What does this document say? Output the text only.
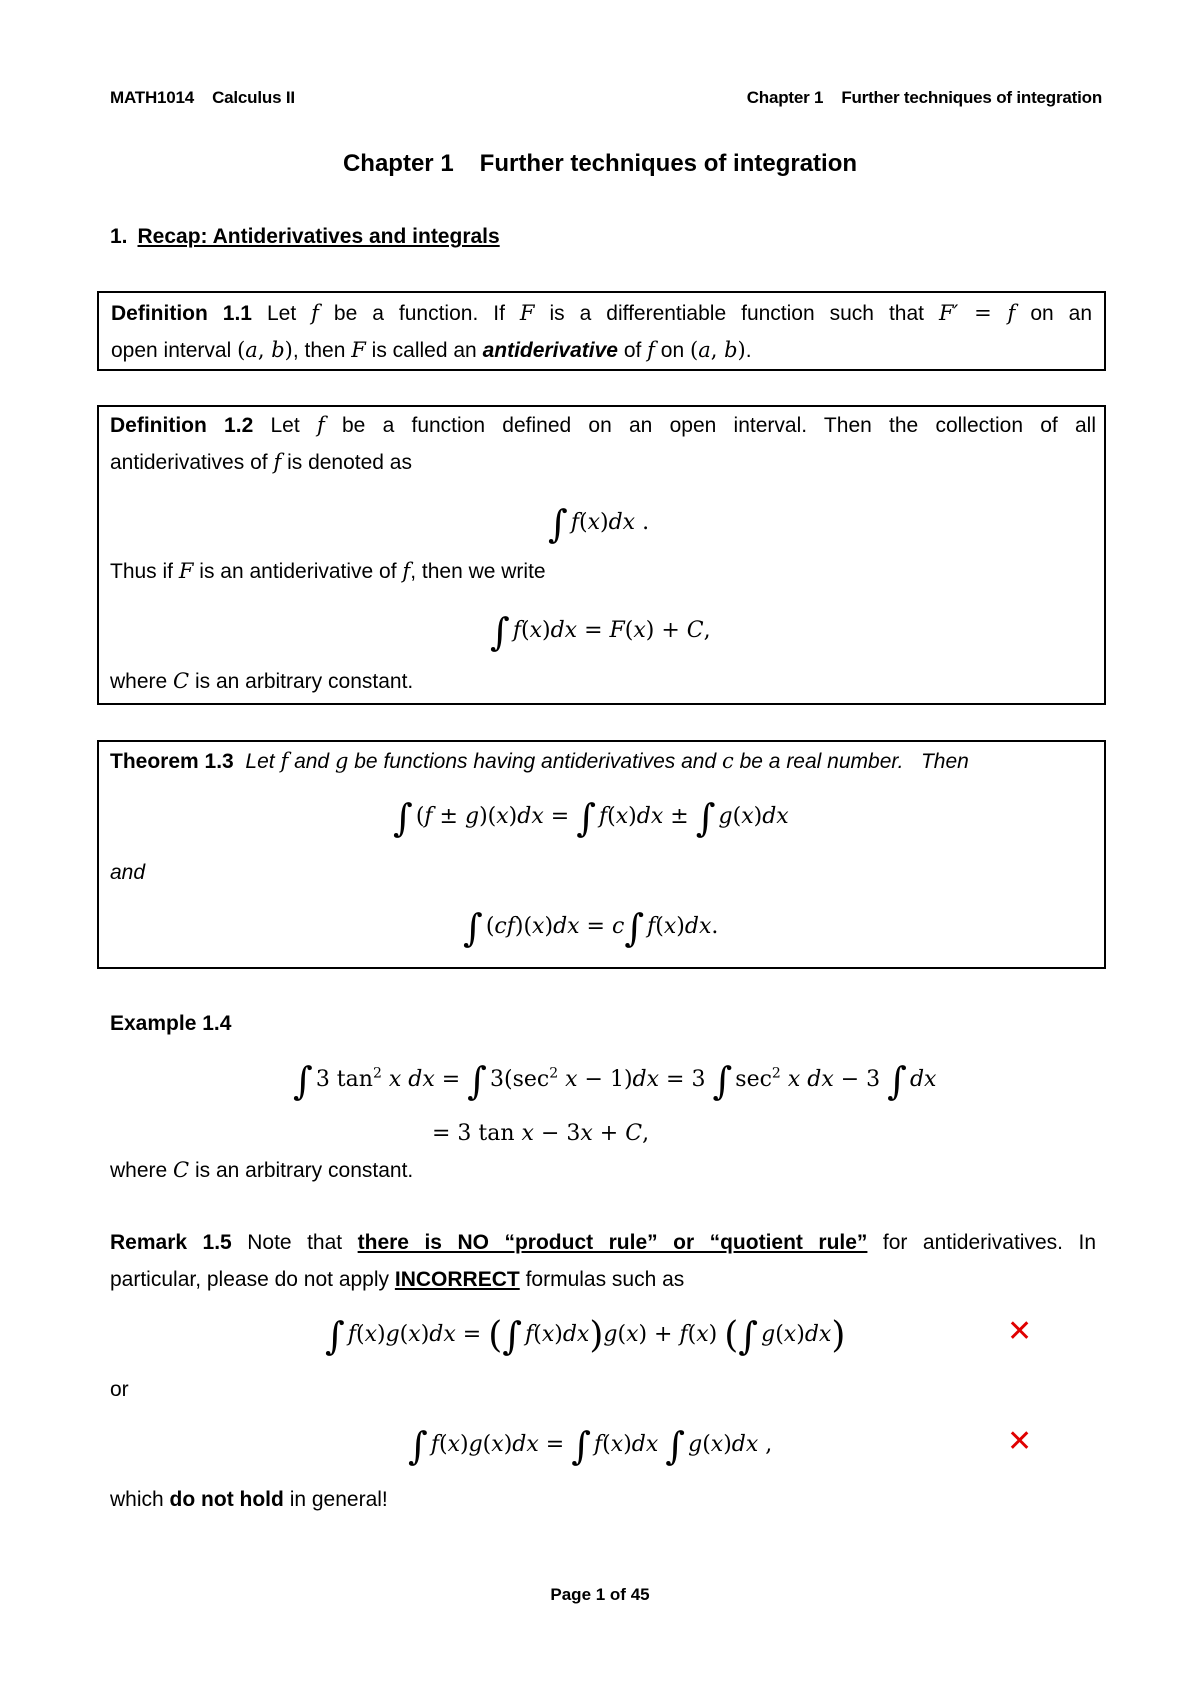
MATH1014 Calculus II	Chapter 1 Further techniques of integration
Chapter 1 Further techniques of integration
1. Recap: Antiderivatives and integrals
Definition 1.1 Let f be a function. If F is a differentiable function such that F′ = f on an
open interval (a, b), then F is called an antiderivative of f on (a, b).
Definition 1.2 Let f be a function defined on an open interval. Then the collection of all
antiderivatives of f is denoted as
∫ f(x)dx .
Thus if F is an antiderivative of f, then we write
∫ f(x)dx = F(x) + C,
where C is an arbitrary constant.
Theorem 1.3 Let f and g be functions having antiderivatives and c be a real number. Then
∫ (f ± g)(x)dx = ∫ f(x)dx ± ∫ g(x)dx
and
∫ (cf)(x)dx = c∫ f(x)dx.
Example 1.4
∫ 3 $\tan^2 x$ dx = ∫ $3(\sec^2$ x − 1)dx = 3 ∫ $\sec^2 x$ dx − 3 ∫ dx
= 3 tan x − 3x + C,
where C is an arbitrary constant.
Remark 1.5 Note that there is NO “product rule” or “quotient rule” for antiderivatives. In
particular, please do not apply INCORRECT formulas such as
∫ f(x)g(x)dx = (∫ f(x)dx)g(x) + f(x) (∫ g(x)dx)	✕
or
∫ f(x)g(x)dx = ∫ f(x)dx ∫ g(x)dx ,	✕
which do not hold in general!
Page 1 of 45
